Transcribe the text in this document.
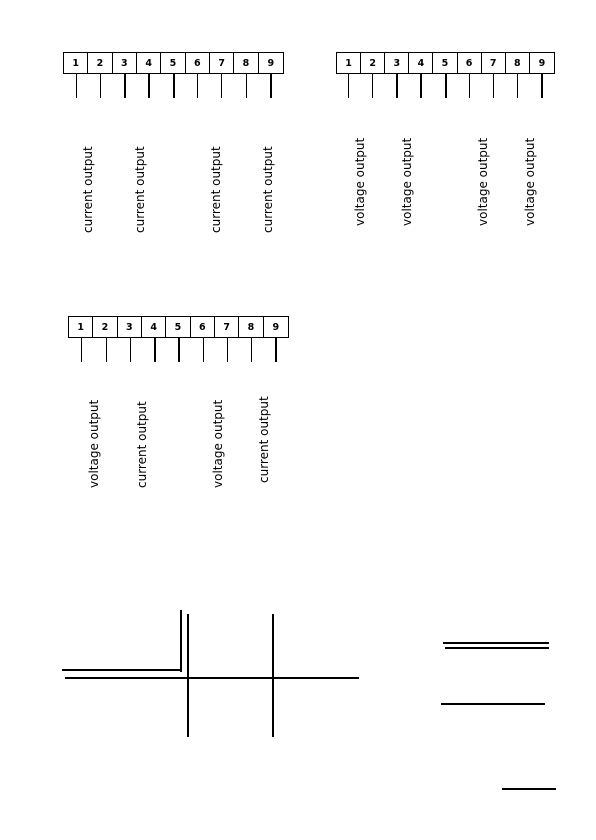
1	2	3	4	5	6	7	8	9
current output	current output	current output	current output
1	2	3	4	5	6	7	8	9
voltage output	voltage output	voltage output	voltage output
1	2	3	4	5	6	7	8	9
voltage output	current output	voltage output	current output
